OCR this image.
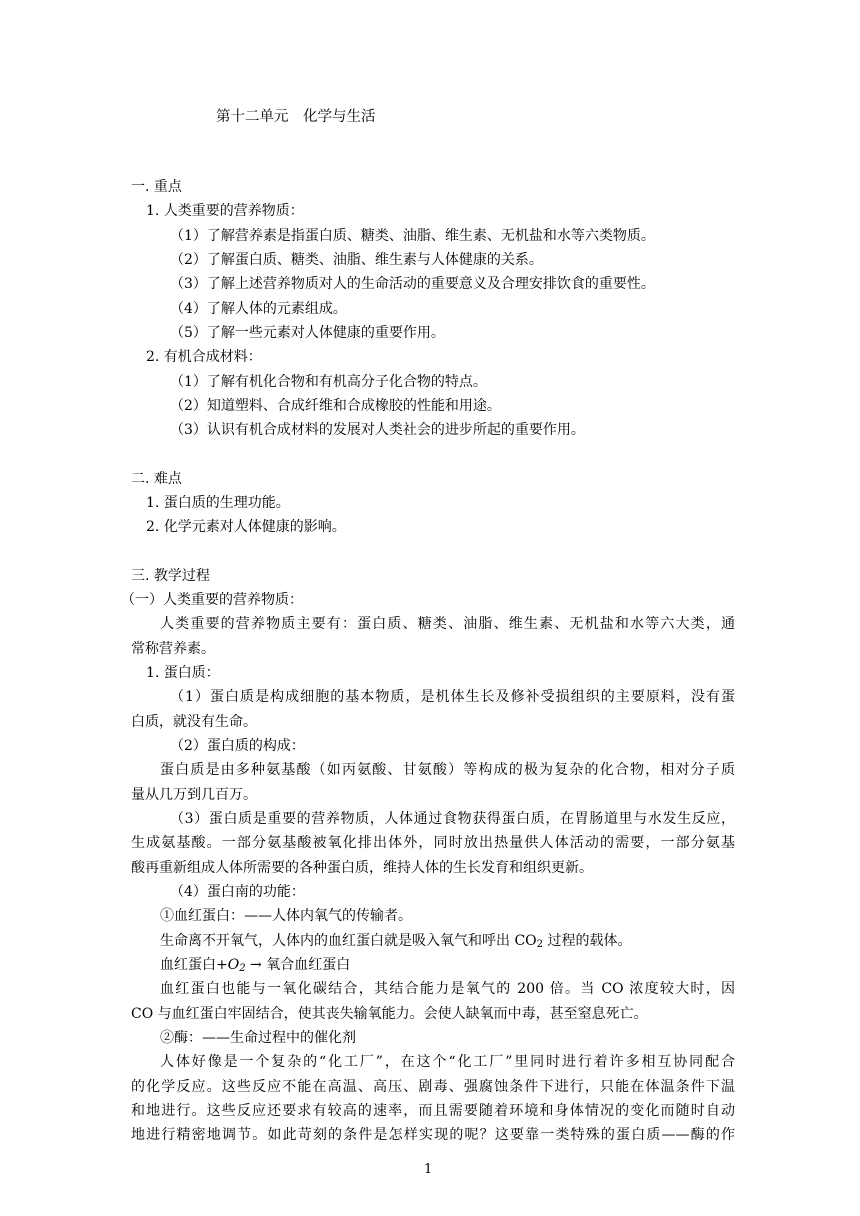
第十二单元　化学与生活
一. 重点
1. 人类重要的营养物质：
（1）了解营养素是指蛋白质、糖类、油脂、维生素、无机盐和水等六类物质。
（2）了解蛋白质、糖类、油脂、维生素与人体健康的关系。
（3）了解上述营养物质对人的生命活动的重要意义及合理安排饮食的重要性。
（4）了解人体的元素组成。
（5）了解一些元素对人体健康的重要作用。
2. 有机合成材料：
（1）了解有机化合物和有机高分子化合物的特点。
（2）知道塑料、合成纤维和合成橡胶的性能和用途。
（3）认识有机合成材料的发展对人类社会的进步所起的重要作用。
二. 难点
1. 蛋白质的生理功能。
2. 化学元素对人体健康的影响。
三. 教学过程
（一）人类重要的营养物质：
人类重要的营养物质主要有：蛋白质、糖类、油脂、维生素、无机盐和水等六大类，通
常称营养素。
1. 蛋白质：
（1）蛋白质是构成细胞的基本物质，是机体生长及修补受损组织的主要原料，没有蛋
白质，就没有生命。
（2）蛋白质的构成：
蛋白质是由多种氨基酸（如丙氨酸、甘氨酸）等构成的极为复杂的化合物，相对分子质
量从几万到几百万。
（3）蛋白质是重要的营养物质，人体通过食物获得蛋白质，在胃肠道里与水发生反应，
生成氨基酸。一部分氨基酸被氧化排出体外，同时放出热量供人体活动的需要，一部分氨基
酸再重新组成人体所需要的各种蛋白质，维持人体的生长发育和组织更新。
（4）蛋白南的功能：
①血红蛋白：——人体内氧气的传输者。
生命离不开氧气，人体内的血红蛋白就是吸入氧气和呼出 $CO_2$ 过程的载体。
血红蛋白$+O_2$ → 氧合血红蛋白
血红蛋白也能与一氧化碳结合，其结合能力是氧气的 200 倍。当 CO 浓度较大时，因
CO 与血红蛋白牢固结合，使其丧失输氧能力。会使人缺氧而中毒，甚至窒息死亡。
②酶：——生命过程中的催化剂
人体好像是一个复杂的“化工厂”，在这个“化工厂”里同时进行着许多相互协同配合
的化学反应。这些反应不能在高温、高压、剧毒、强腐蚀条件下进行，只能在体温条件下温
和地进行。这些反应还要求有较高的速率，而且需要随着环境和身体情况的变化而随时自动
地进行精密地调节。如此苛刻的条件是怎样实现的呢？这要靠一类特殊的蛋白质——酶的作
1
